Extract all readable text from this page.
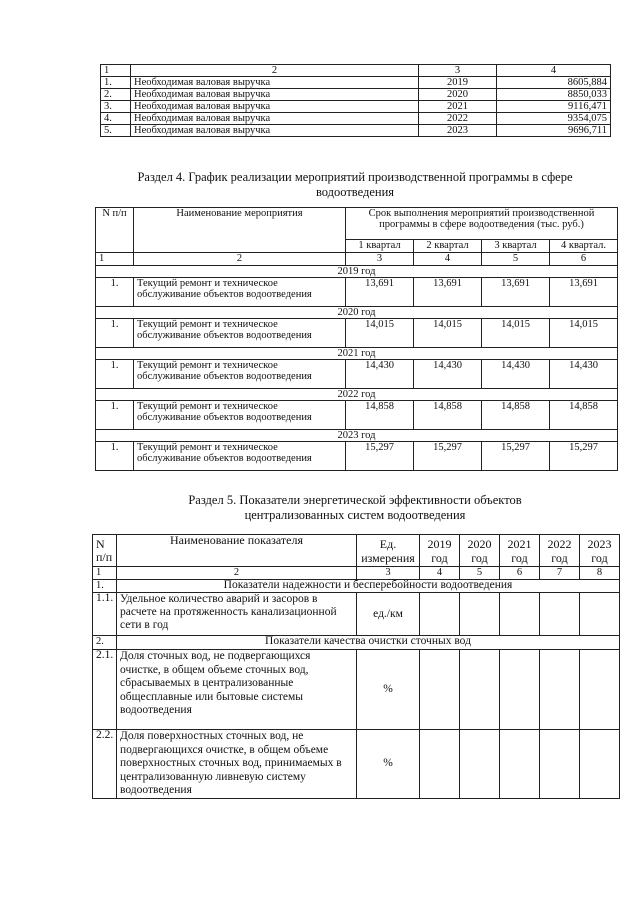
1	2	3	4
1.	Необходимая валовая выручка	2019	8605,884
2.	Необходимая валовая выручка	2020	8850,033
3.	Необходимая валовая выручка	2021	9116,471
4.	Необходимая валовая выручка	2022	9354,075
5.	Необходимая валовая выручка	2023	9696,711
Раздел 4. График реализации мероприятий производственной программы в сфере
водоотведения
N п/п	Наименование мероприятия	Срок выполнения мероприятий производственной программы в сфере водоотведения (тыс. руб.)			
		1 квартал	2 квартал	3 квартал	4 квартал.
1	2	3	4	5	6
2019 год					
1.	Текущий ремонт и техническое обслуживание объектов водоотведения	13,691	13,691	13,691	13,691
2020 год					
1.	Текущий ремонт и техническое обслуживание объектов водоотведения	14,015	14,015	14,015	14,015
2021 год					
1.	Текущий ремонт и техническое обслуживание объектов водоотведения	14,430	14,430	14,430	14,430
2022 год					
1.	Текущий ремонт и техническое обслуживание объектов водоотведения	14,858	14,858	14,858	14,858
2023 год					
1.	Текущий ремонт и техническое обслуживание объектов водоотведения	15,297	15,297	15,297	15,297
Раздел 5. Показатели энергетической эффективности объектов
централизованных систем водоотведения
N п/п	Наименование показателя	Ед. измерения	2019 год	2020 год	2021 год	2022 год	2023 год
1	2	3	4	5	6	7	8
1.	Показатели надежности и бесперебойности водоотведения						
1.1.	Удельное количество аварий и засоров в расчете на протяженность канализационной сети в год	ед./км					
2.	Показатели качества очистки сточных вод						
2.1.	Доля сточных вод, не подвергающихся очистке, в общем объеме сточных вод, сбрасываемых в централизованные общесплавные или бытовые системы водоотведения	%					
2.2.	Доля поверхностных сточных вод, не подвергающихся очистке, в общем объеме поверхностных сточных вод, принимаемых в централизованную ливневую систему водоотведения	%					
